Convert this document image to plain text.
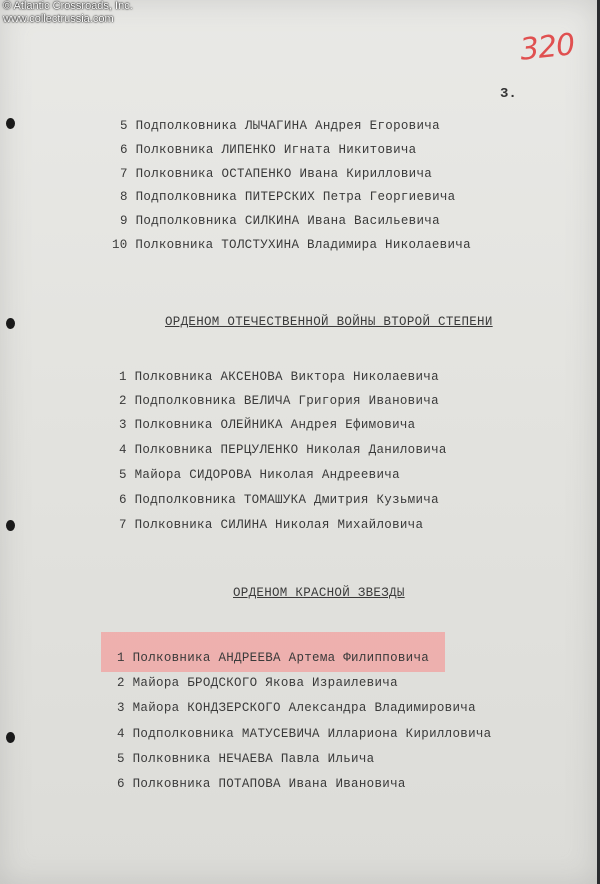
© Atlantic Crossroads, Inc.
www.collectrussia.com
320
3.
5 Подполковника ЛЫЧАГИНА Андрея Егоровича
6 Полковника ЛИПЕНКО Игната Никитовича
7 Полковника ОСТАПЕНКО Ивана Кирилловича
8 Подполковника ПИТЕРСКИХ Петра Георгиевича
9 Подполковника СИЛКИНА Ивана Васильевича
10 Полковника ТОЛСТУХИНА Владимира Николаевича
ОРДЕНОМ ОТЕЧЕСТВЕННОЙ ВОЙНЫ ВТОРОЙ СТЕПЕНИ
1 Полковника АКСЕНОВА Виктора Николаевича
2 Подполковника ВЕЛИЧА Григория Ивановича
3 Полковника ОЛЕЙНИКА Андрея Ефимовича
4 Полковника ПЕРЦУЛЕНКО Николая Даниловича
5 Майора СИДОРОВА Николая Андреевича
6 Подполковника ТОМАШУКА Дмитрия Кузьмича
7 Полковника СИЛИНА Николая Михайловича
ОРДЕНОМ КРАСНОЙ ЗВЕЗДЫ
1 Полковника АНДРЕЕВА Артема Филипповича
2 Майора БРОДСКОГО Якова Израилевича
3 Майора КОНДЗЕРСКОГО Александра Владимировича
4 Подполковника МАТУСЕВИЧА Иллариона Кирилловича
5 Полковника НЕЧАЕВА Павла Ильича
6 Полковника ПОТАПОВА Ивана Ивановича
